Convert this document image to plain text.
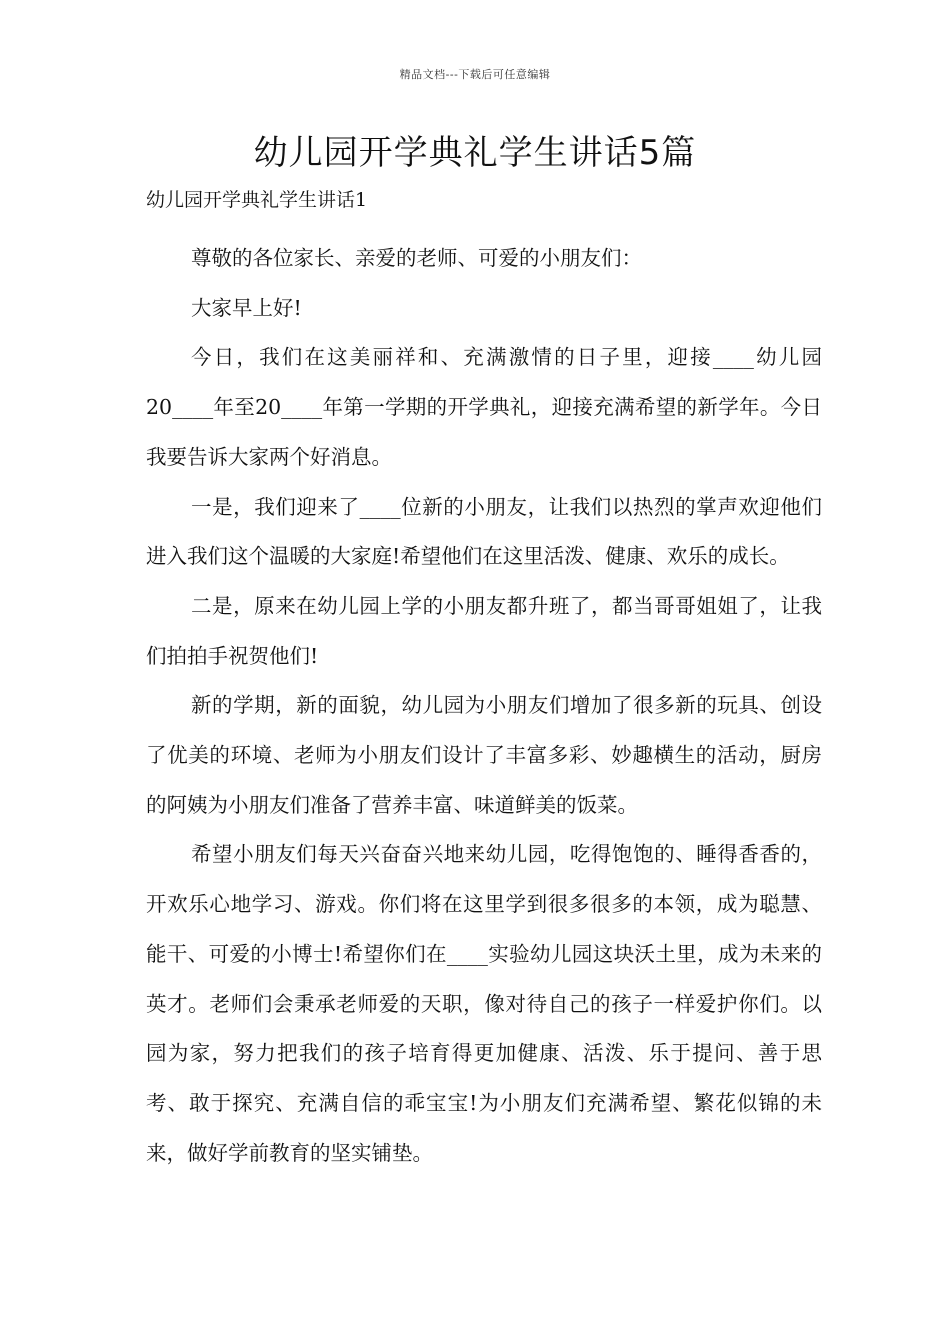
精品文档---下载后可任意编辑
幼儿园开学典礼学生讲话5篇
幼儿园开学典礼学生讲话1

尊敬的各位家长、亲爱的老师、可爱的小朋友们：

大家早上好!

今日，我们在这美丽祥和、充满激情的日子里，迎接____幼儿园20____年至20____年第一学期的开学典礼，迎接充满希望的新学年。今日我要告诉大家两个好消息。

一是，我们迎来了____位新的小朋友，让我们以热烈的掌声欢迎他们进入我们这个温暖的大家庭!希望他们在这里活泼、健康、欢乐的成长。

二是，原来在幼儿园上学的小朋友都升班了，都当哥哥姐姐了，让我们拍拍手祝贺他们!

新的学期，新的面貌，幼儿园为小朋友们增加了很多新的玩具、创设了优美的环境、老师为小朋友们设计了丰富多彩、妙趣横生的活动，厨房的阿姨为小朋友们准备了营养丰富、味道鲜美的饭菜。

希望小朋友们每天兴奋奋兴地来幼儿园，吃得饱饱的、睡得香香的，开欢乐心地学习、游戏。你们将在这里学到很多很多的本领，成为聪慧、能干、可爱的小博士!希望你们在____实验幼儿园这块沃土里，成为未来的英才。老师们会秉承老师爱的天职，像对待自己的孩子一样爱护你们。以园为家，努力把我们的孩子培育得更加健康、活泼、乐于提问、善于思考、敢于探究、充满自信的乖宝宝!为小朋友们充满希望、繁花似锦的未来，做好学前教育的坚实铺垫。
